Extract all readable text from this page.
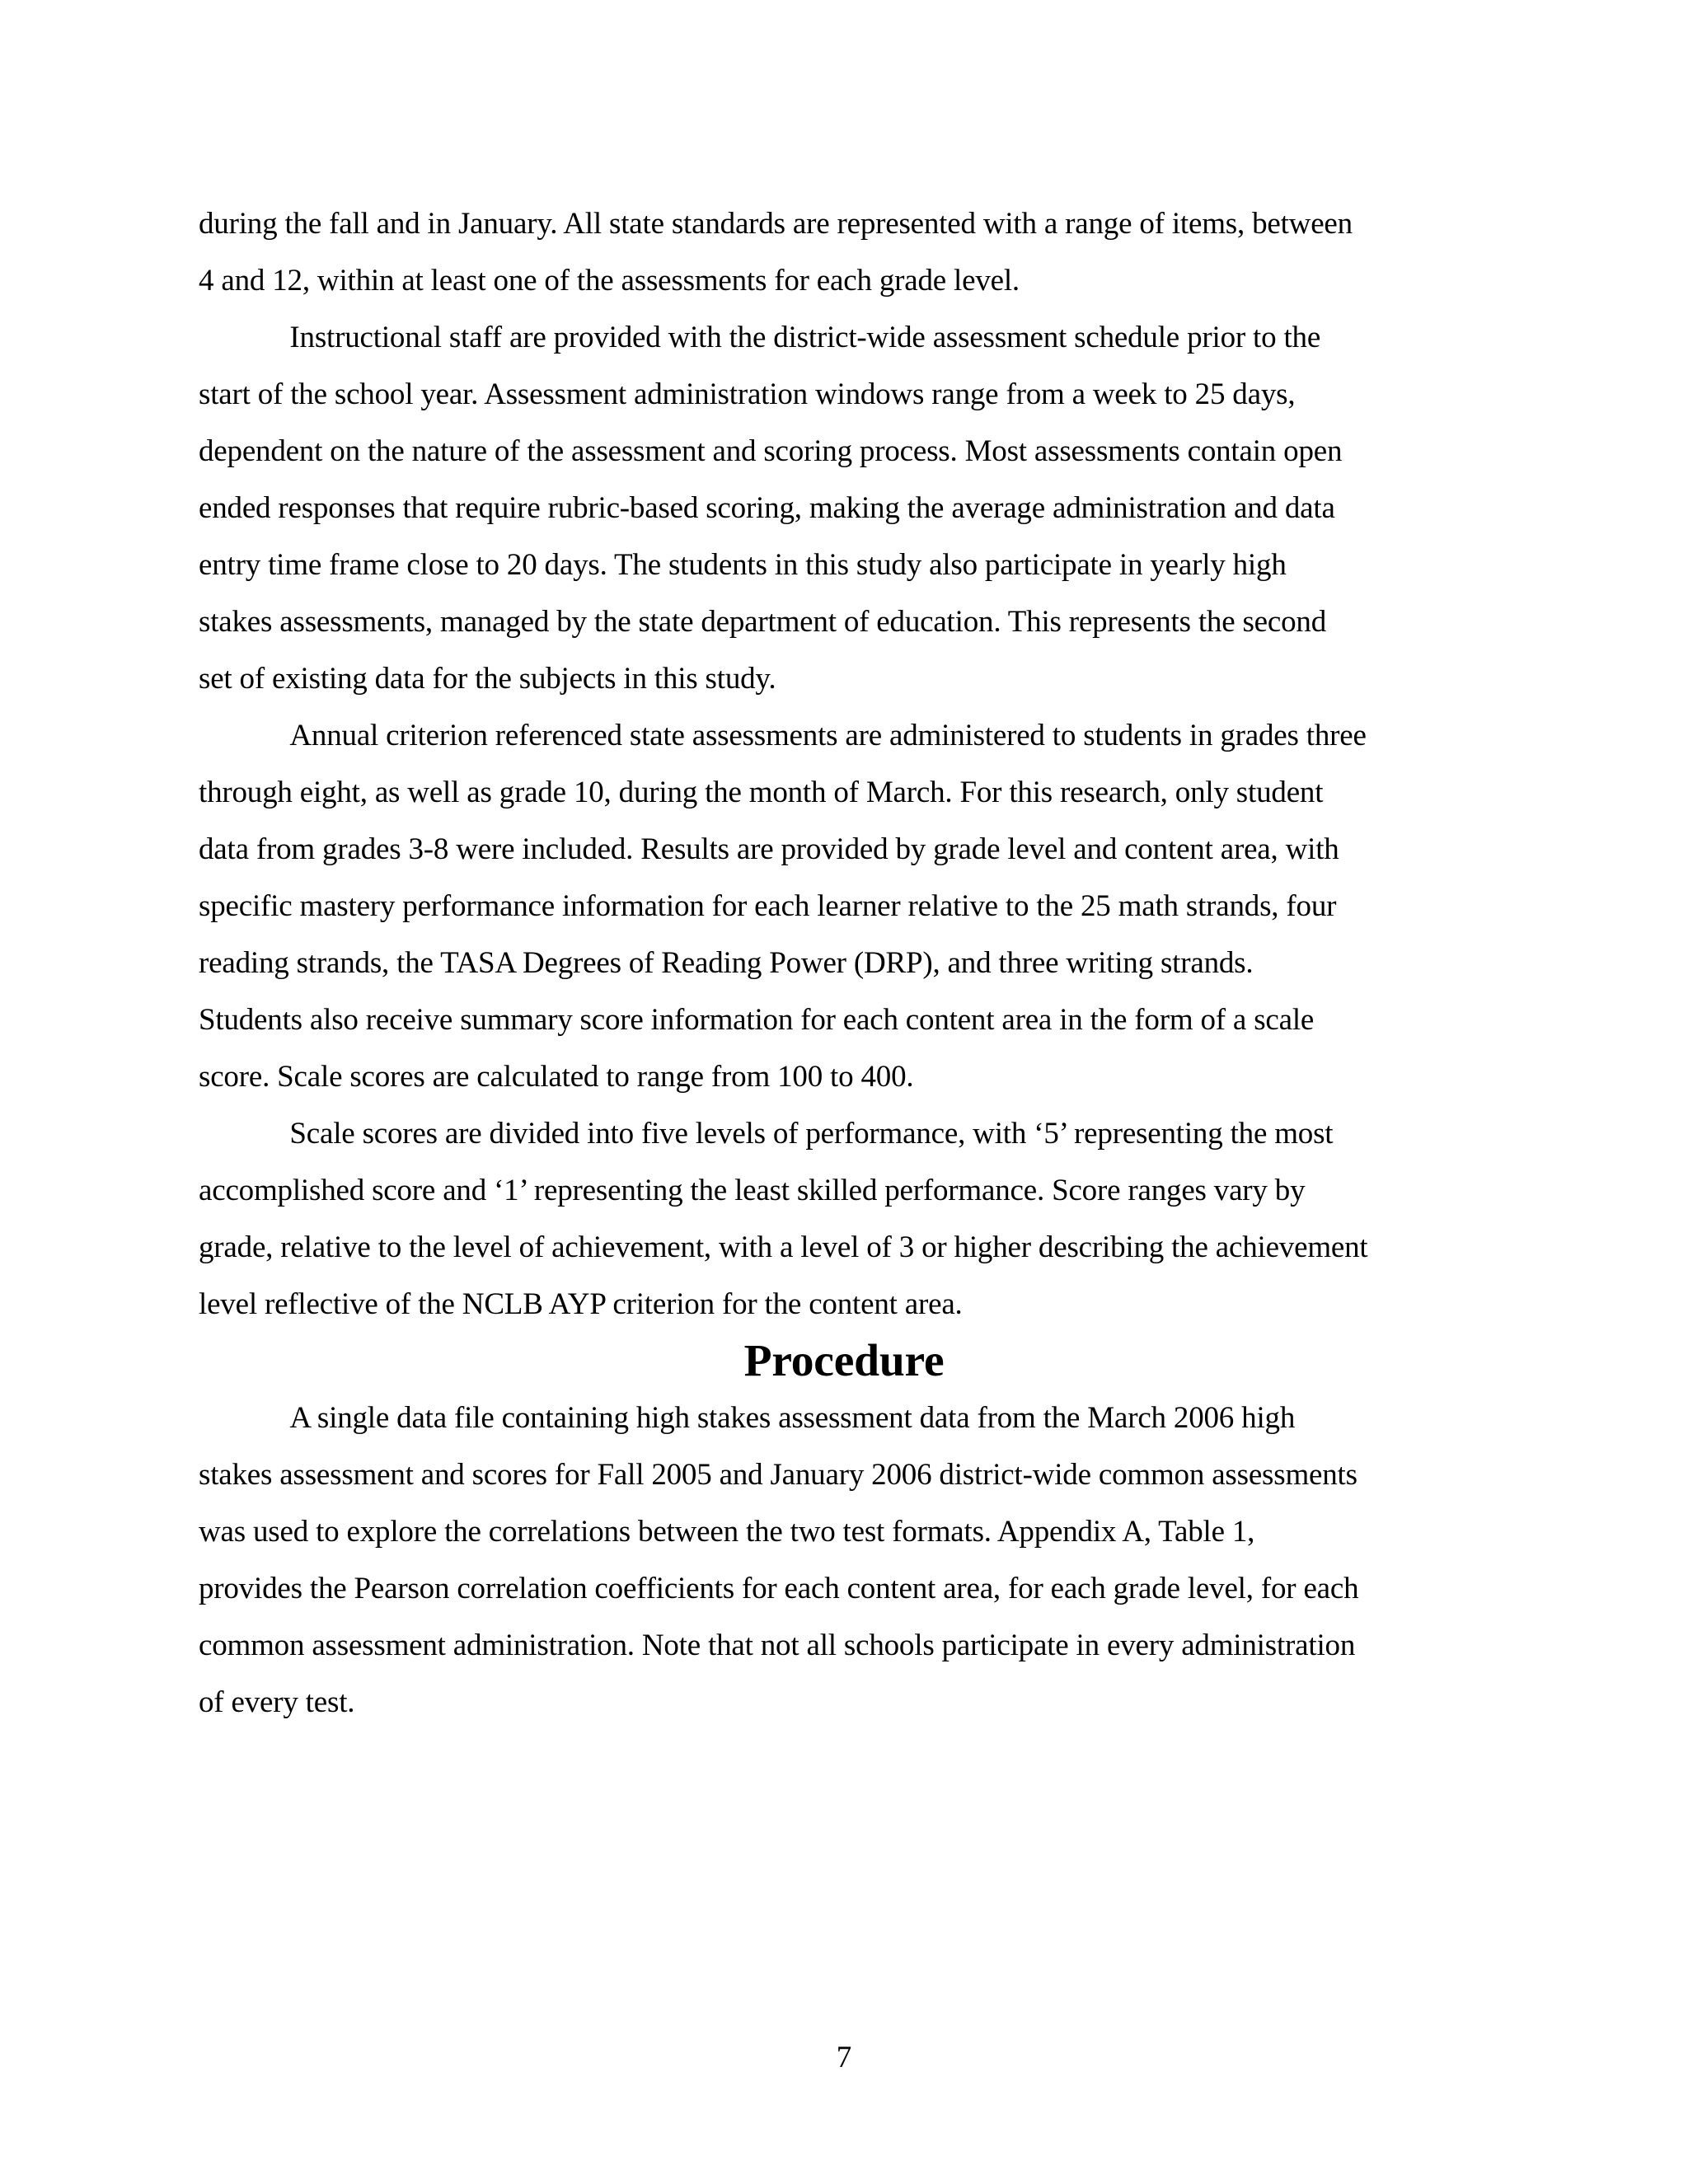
during the fall and in January. All state standards are represented with a range of items, between
4 and 12, within at least one of the assessments for each grade level.

   Instructional staff are provided with the district-wide assessment schedule prior to the
start of the school year. Assessment administration windows range from a week to 25 days,
dependent on the nature of the assessment and scoring process. Most assessments contain open
ended responses that require rubric-based scoring, making the average administration and data
entry time frame close to 20 days. The students in this study also participate in yearly high
stakes assessments, managed by the state department of education. This represents the second
set of existing data for the subjects in this study.

   Annual criterion referenced state assessments are administered to students in grades three
through eight, as well as grade 10, during the month of March. For this research, only student
data from grades 3-8 were included. Results are provided by grade level and content area, with
specific mastery performance information for each learner relative to the 25 math strands, four
reading strands, the TASA Degrees of Reading Power (DRP), and three writing strands.
Students also receive summary score information for each content area in the form of a scale
score. Scale scores are calculated to range from 100 to 400.

   Scale scores are divided into five levels of performance, with ‘5’ representing the most
accomplished score and ‘1’ representing the least skilled performance. Score ranges vary by
grade, relative to the level of achievement, with a level of 3 or higher describing the achievement
level reflective of the NCLB AYP criterion for the content area.

Procedure

   A single data file containing high stakes assessment data from the March 2006 high
stakes assessment and scores for Fall 2005 and January 2006 district-wide common assessments
was used to explore the correlations between the two test formats. Appendix A, Table 1,
provides the Pearson correlation coefficients for each content area, for each grade level, for each
common assessment administration. Note that not all schools participate in every administration
of every test.

7
